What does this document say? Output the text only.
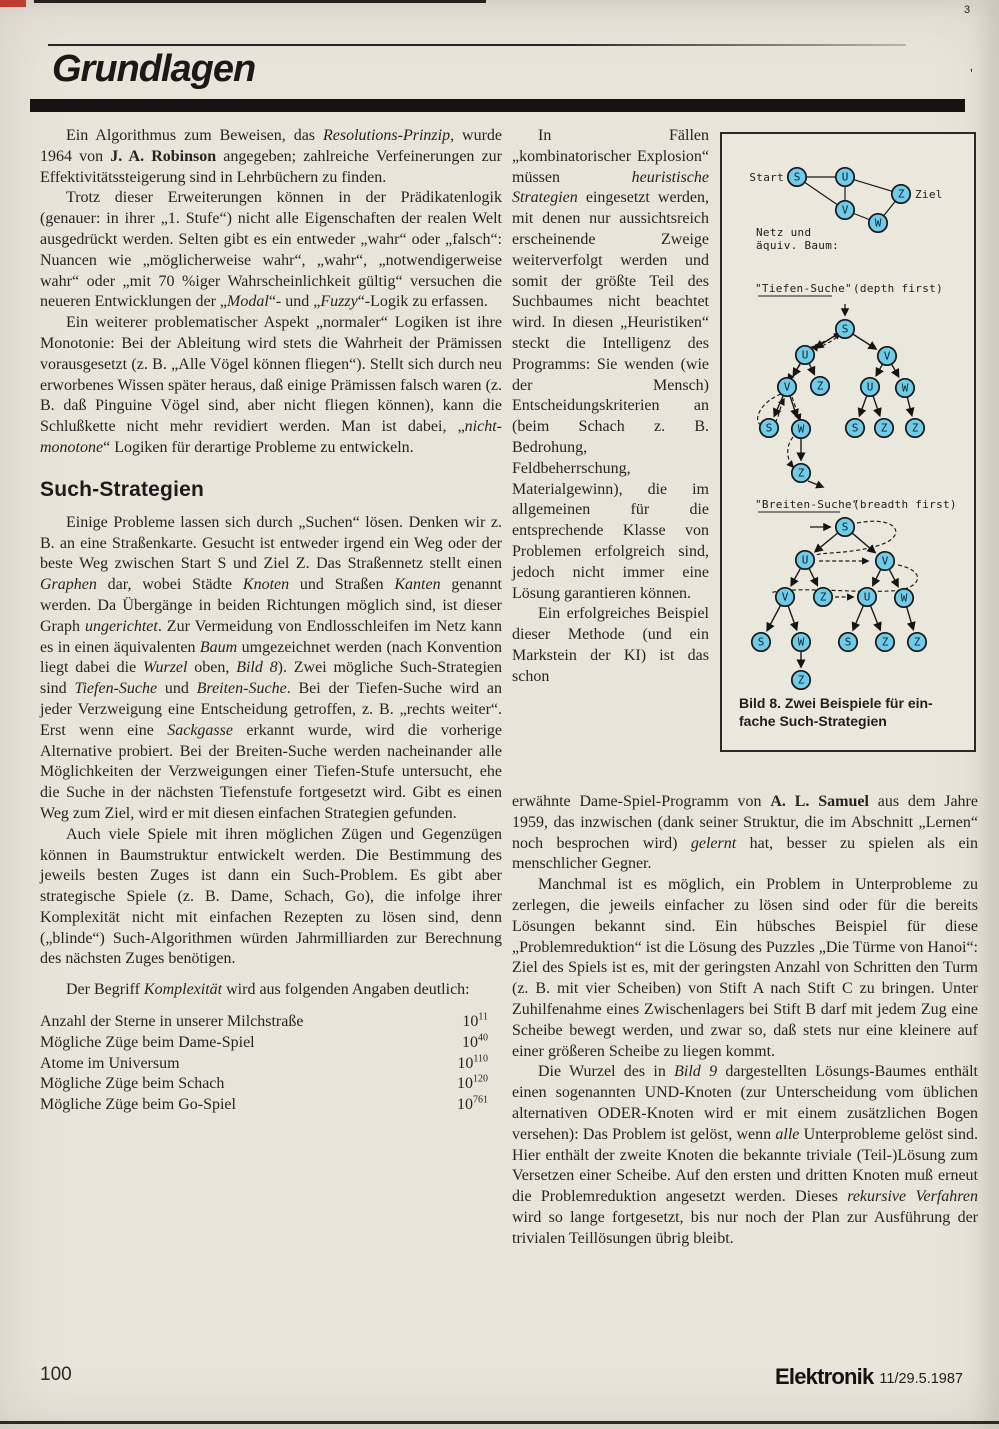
3
’
Grundlagen

Ein Algorithmus zum Beweisen, das Resolutions-Prinzip, wurde 1964 von J. A. Robinson angegeben; zahlreiche Verfeinerungen zur Effektivitätssteigerung sind in Lehrbüchern zu finden.

Trotz dieser Erweiterungen können in der Prädikatenlogik (genauer: in ihrer „1. Stufe“) nicht alle Eigenschaften der realen Welt ausgedrückt werden. Selten gibt es ein entweder „wahr“ oder „falsch“: Nuancen wie „möglicherweise wahr“, „wahr“, „notwendigerweise wahr“ oder „mit 70 %iger Wahrscheinlichkeit gültig“ versuchen die neueren Entwicklungen der „Modal“- und „Fuzzy“-Logik zu erfassen.

Ein weiterer problematischer Aspekt „normaler“ Logiken ist ihre Monotonie: Bei der Ableitung wird stets die Wahrheit der Prämissen vorausgesetzt (z. B. „Alle Vögel können fliegen“). Stellt sich durch neu erworbenes Wissen später heraus, daß einige Prämissen falsch waren (z. B. daß Pinguine Vögel sind, aber nicht fliegen können), kann die Schlußkette nicht mehr revidiert werden. Man ist dabei, „nicht-monotone“ Logiken für derartige Probleme zu entwickeln.

Such-Strategien

Einige Probleme lassen sich durch „Suchen“ lösen. Denken wir z. B. an eine Straßenkarte. Gesucht ist entweder irgend ein Weg oder der beste Weg zwischen Start S und Ziel Z. Das Straßennetz stellt einen Graphen dar, wobei Städte Knoten und Straßen Kanten genannt werden. Da Übergänge in beiden Richtungen möglich sind, ist dieser Graph ungerichtet. Zur Vermeidung von Endlosschleifen im Netz kann es in einen äquivalenten Baum umgezeichnet werden (nach Konvention liegt dabei die Wurzel oben, Bild 8). Zwei mögliche Such-Strategien sind Tiefen-Suche und Breiten-Suche. Bei der Tiefen-Suche wird an jeder Verzweigung eine Entscheidung getroffen, z. B. „rechts weiter“. Erst wenn eine Sackgasse erkannt wurde, wird die vorherige Alternative probiert. Bei der Breiten-Suche werden nacheinander alle Möglichkeiten der Verzweigungen einer Tiefen-Stufe untersucht, ehe die Suche in der nächsten Tiefenstufe fortgesetzt wird. Gibt es einen Weg zum Ziel, wird er mit diesen einfachen Strategien gefunden.

Auch viele Spiele mit ihren möglichen Zügen und Gegenzügen können in Baumstruktur entwickelt werden. Die Bestimmung des jeweils besten Zuges ist dann ein Such-Problem. Es gibt aber strategische Spiele (z. B. Dame, Schach, Go), die infolge ihrer Komplexität nicht mit einfachen Rezepten zu lösen sind, denn („blinde“) Such-Algorithmen würden Jahrmilliarden zur Berechnung des nächsten Zuges benötigen.

Der Begriff Komplexität wird aus folgenden Angaben deutlich:

Anzahl der Sterne in unserer Milchstraße	$10^{11}$
Mögliche Züge beim Dame-Spiel	$10^{40}$
Atome im Universum	$10^{110}$
Mögliche Züge beim Schach	$10^{120}$
Mögliche Züge beim Go-Spiel	$10^{761}$

In Fällen „kombinatorischer Explosion“ müssen heuristische Strategien eingesetzt werden, mit denen nur aussichtsreich erscheinende Zweige weiterverfolgt werden und somit der größte Teil des Suchbaumes nicht beachtet wird. In diesen „Heuristiken“ steckt die Intelligenz des Programms: Sie wenden (wie der Mensch) Entscheidungskriterien an (beim Schach z. B. Bedrohung, Feldbeherrschung, Materialgewinn), die im allgemeinen für die entsprechende Klasse von Problemen erfolgreich sind, jedoch nicht immer eine Lösung garantieren können.

Ein erfolgreiches Beispiel dieser Methode (und ein Markstein der KI) ist das schon

erwähnte Dame-Spiel-Programm von A. L. Samuel aus dem Jahre 1959, das inzwischen (dank seiner Struktur, die im Abschnitt „Lernen“ noch besprochen wird) gelernt hat, besser zu spielen als ein menschlicher Gegner.

Manchmal ist es möglich, ein Problem in Unterprobleme zu zerlegen, die jeweils einfacher zu lösen sind oder für die bereits Lösungen bekannt sind. Ein hübsches Beispiel für diese „Problemreduktion“ ist die Lösung des Puzzles „Die Türme von Hanoi“: Ziel des Spiels ist es, mit der geringsten Anzahl von Schritten den Turm (z. B. mit vier Scheiben) von Stift A nach Stift C zu bringen. Unter Zuhilfenahme eines Zwischenlagers bei Stift B darf mit jedem Zug eine Scheibe bewegt werden, und zwar so, daß stets nur eine kleinere auf einer größeren Scheibe zu liegen kommt.

Die Wurzel des in Bild 9 dargestellten Lösungs-Baumes enthält einen sogenannten UND-Knoten (zur Unterscheidung vom üblichen alternativen ODER-Knoten wird er mit einem zusätzlichen Bogen versehen): Das Problem ist gelöst, wenn alle Unterprobleme gelöst sind. Hier enthält der zweite Knoten die bekannte triviale (Teil-)Lösung zum Versetzen einer Scheibe. Auf den ersten und dritten Knoten muß erneut die Problemreduktion angesetzt werden. Dieses rekursive Verfahren wird so lange fortgesetzt, bis nur noch der Plan zur Ausführung der trivialen Teillösungen übrig bleibt.

S	U
Z
V
W
S
U	V
V Z	U	W
S W	S Z Z
Z
S
U	V
V	Z	U	W
S	W	S	Z Z
Z
Start
Ziel
Netz und
äquiv. Baum:
"Tiefen-Suche" (depth first)
"Breiten-Suche"
(breadth first)
Bild 8. Zwei Beispiele für ein-
fache Such-Strategien
100	Elektronik 11/29.5.1987
